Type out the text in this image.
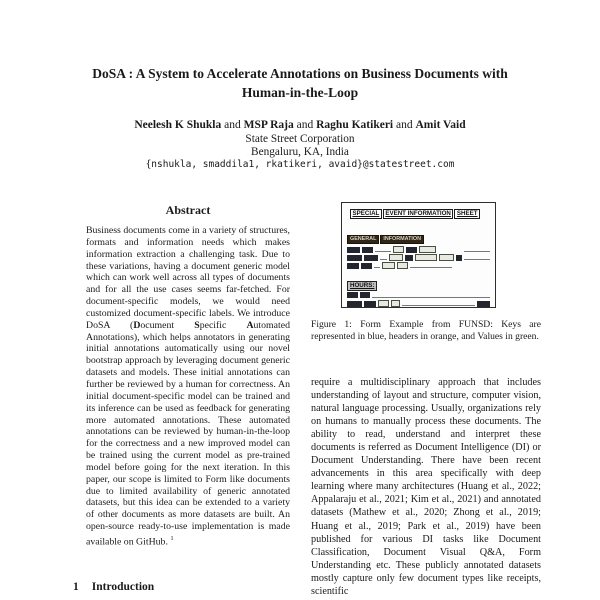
DoSA : A System to Accelerate Annotations on Business Documents with
Human-in-the-Loop
Neelesh K Shukla and MSP Raja and Raghu Katikeri and Amit Vaid
State Street Corporation
Bengaluru, KA, India
{nshukla, smaddila1, rkatikeri, avaid}@statestreet.com
Abstract
Business documents come in a variety of structures, formats and information needs which makes information extraction a challenging task. Due to these variations, having a document generic model which can work well across all types of documents and for all the use cases seems far-fetched. For document-specific models, we would need customized document-specific labels. We introduce DoSA (Document Specific Automated Annotations), which helps annotators in generating initial annotations automatically using our novel bootstrap approach by leveraging document generic datasets and models. These initial annotations can further be reviewed by a human for correctness. An initial document-specific model can be trained and its inference can be used as feedback for generating more automated annotations. These automated annotations can be reviewed by human-in-the-loop for the correctness and a new improved model can be trained using the current model as pre-trained model before going for the next iteration. In this paper, our scope is limited to Form like documents due to limited availability of generic annotated datasets, but this idea can be extended to a variety of other documents as more datasets are built. An open-source ready-to-use implementation is made available on GitHub. $^1$
1 Introduction
SPECIAL EVENT INFORMATION SHEET
GENERAL	INFORMATION
HOURS:
Figure 1: Form Example from FUNSD: Keys are represented in blue, headers in orange, and Values in green.
require a multidisciplinary approach that includes understanding of layout and structure, computer vision, natural language processing. Usually, organizations rely on humans to manually process these documents. The ability to read, understand and interpret these documents is referred as Document Intelligence (DI) or Document Understanding. There have been recent advancements in this area specifically with deep learning where many architectures (Huang et al., 2022; Appalaraju et al., 2021; Kim et al., 2021) and annotated datasets (Mathew et al., 2020; Zhong et al., 2019; Huang et al., 2019; Park et al., 2019) have been published for various DI tasks like Document Classification, Document Visual Q&A, Form Understanding etc. These publicly annotated datasets mostly capture only few document types like receipts, scientific
